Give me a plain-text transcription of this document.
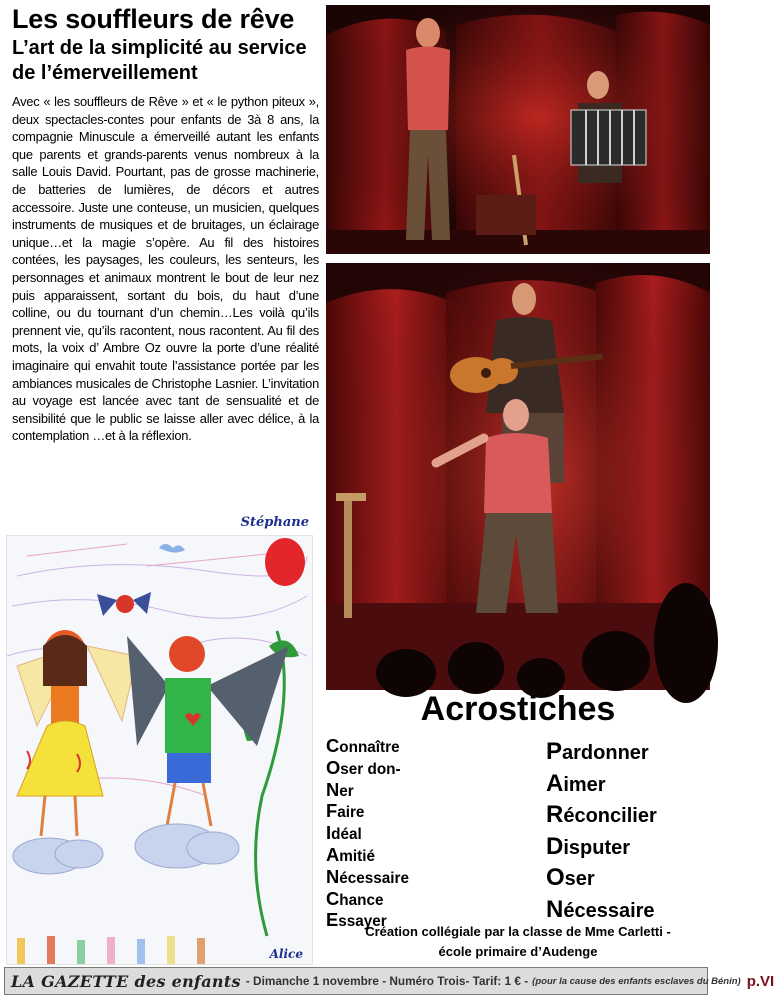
Les souffleurs de rêve
L’art de la simplicité au service de l’émerveillement
Avec « les souffleurs de Rêve » et « le python piteux », deux spectacles-contes pour enfants de 3à 8 ans, la compagnie Minuscule a émerveillé autant les enfants que parents et grands-parents venus nombreux à la salle Louis David. Pourtant, pas de grosse machinerie, de batteries de lumières, de décors et autres accessoire. Juste une conteuse, un musicien, quelques instruments de musiques et de bruitages, un éclairage unique…et la magie s’opère. Au fil des histoires contées, les paysages, les couleurs, les senteurs, les personnages et animaux montrent le bout de leur nez puis apparaissent, sortant du bois, du haut d’une colline, ou du tournant d’un chemin…Les voilà qu’ils prennent vie, qu’ils racontent, nous racontent. Au fil des mots, la voix d’ Ambre Oz ouvre la porte d’une réalité imaginaire qui envahit toute l’assistance portée par les ambiances musicales de Christophe Lasnier. L’invitation au voyage est lancée avec tant de sensualité et de sensibilité que le public se laisse aller avec délice, à la contemplation …et à la réflexion.
Stéphane
Alice
Acrostiches
Connaître
Oser don-
Ner
Faire
Idéal
Amitié
Nécessaire
Chance
Essayer
Pardonner
Aimer
Réconcilier
Disputer
Oser
Nécessaire
Création collégiale par la classe de Mme Carletti -
école primaire d’Audenge
LA GAZETTE des enfants - Dimanche 1 novembre - Numéro Trois- Tarif: 1 € - (pour la cause des enfants esclaves du Bénin) p.VI
